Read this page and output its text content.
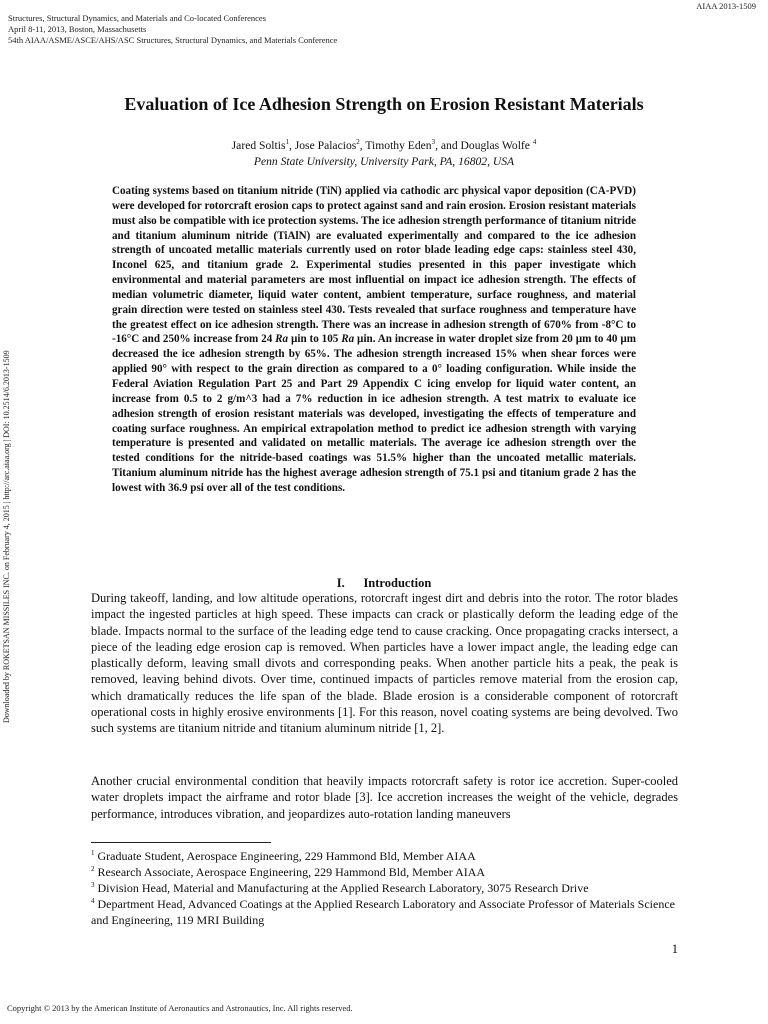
AIAA 2013-1509
Structures, Structural Dynamics, and Materials and Co-located Conferences
April 8-11, 2013, Boston, Massachusetts
54th AIAA/ASME/ASCE/AHS/ASC Structures, Structural Dynamics, and Materials Conference
Downloaded by ROKETSAN MISSILES INC. on February 4, 2015 | http://arc.aiaa.org | DOI: 10.2514/6.2013-1509
Evaluation of Ice Adhesion Strength on Erosion Resistant Materials
Jared Soltis$^1$, Jose Palacios$^2$, Timothy Eden$^3$, and Douglas Wolfe $^4$
Penn State University, University Park, PA, 16802, USA

Coating systems based on titanium nitride (TiN) applied via cathodic arc physical vapor deposition (CA-PVD) were developed for rotorcraft erosion caps to protect against sand and rain erosion. Erosion resistant materials must also be compatible with ice protection systems. The ice adhesion strength performance of titanium nitride and titanium aluminum nitride (TiAlN) are evaluated experimentally and compared to the ice adhesion strength of uncoated metallic materials currently used on rotor blade leading edge caps: stainless steel 430, Inconel 625, and titanium grade 2. Experimental studies presented in this paper investigate which environmental and material parameters are most influential on impact ice adhesion strength. The effects of median volumetric diameter, liquid water content, ambient temperature, surface roughness, and material grain direction were tested on stainless steel 430. Tests revealed that surface roughness and temperature have the greatest effect on ice adhesion strength. There was an increase in adhesion strength of 670% from -8°C to -16°C and 250% increase from 24 Ra µin to 105 Ra µin. An increase in water droplet size from 20 µm to 40 µm decreased the ice adhesion strength by 65%. The adhesion strength increased 15% when shear forces were applied 90° with respect to the grain direction as compared to a 0° loading configuration. While inside the Federal Aviation Regulation Part 25 and Part 29 Appendix C icing envelop for liquid water content, an increase from 0.5 to 2 g/m^3 had a 7% reduction in ice adhesion strength. A test matrix to evaluate ice adhesion strength of erosion resistant materials was developed, investigating the effects of temperature and coating surface roughness. An empirical extrapolation method to predict ice adhesion strength with varying temperature is presented and validated on metallic materials. The average ice adhesion strength over the tested conditions for the nitride-based coatings was 51.5% higher than the uncoated metallic materials. Titanium aluminum nitride has the highest average adhesion strength of 75.1 psi and titanium grade 2 has the lowest with 36.9 psi over all of the test conditions.

I.      Introduction

During takeoff, landing, and low altitude operations, rotorcraft ingest dirt and debris into the rotor. The rotor blades impact the ingested particles at high speed. These impacts can crack or plastically deform the leading edge of the blade. Impacts normal to the surface of the leading edge tend to cause cracking. Once propagating cracks intersect, a piece of the leading edge erosion cap is removed. When particles have a lower impact angle, the leading edge can plastically deform, leaving small divots and corresponding peaks. When another particle hits a peak, the peak is removed, leaving behind divots. Over time, continued impacts of particles remove material from the erosion cap, which dramatically reduces the life span of the blade. Blade erosion is a considerable component of rotorcraft operational costs in highly erosive environments [1]. For this reason, novel coating systems are being devolved. Two such systems are titanium nitride and titanium aluminum nitride [1, 2].

Another crucial environmental condition that heavily impacts rotorcraft safety is rotor ice accretion. Super-cooled water droplets impact the airframe and rotor blade [3]. Ice accretion increases the weight of the vehicle, degrades performance, introduces vibration, and jeopardizes auto-rotation landing maneuvers

$^1$ Graduate Student, Aerospace Engineering, 229 Hammond Bld, Member AIAA

$^2$ Research Associate, Aerospace Engineering, 229 Hammond Bld, Member AIAA

$^3$ Division Head, Material and Manufacturing at the Applied Research Laboratory, 3075 Research Drive

$^4$ Department Head, Advanced Coatings at the Applied Research Laboratory and Associate Professor of Materials Science and Engineering, 119 MRI Building

1
Copyright © 2013 by the American Institute of Aeronautics and Astronautics, Inc. All rights reserved.
